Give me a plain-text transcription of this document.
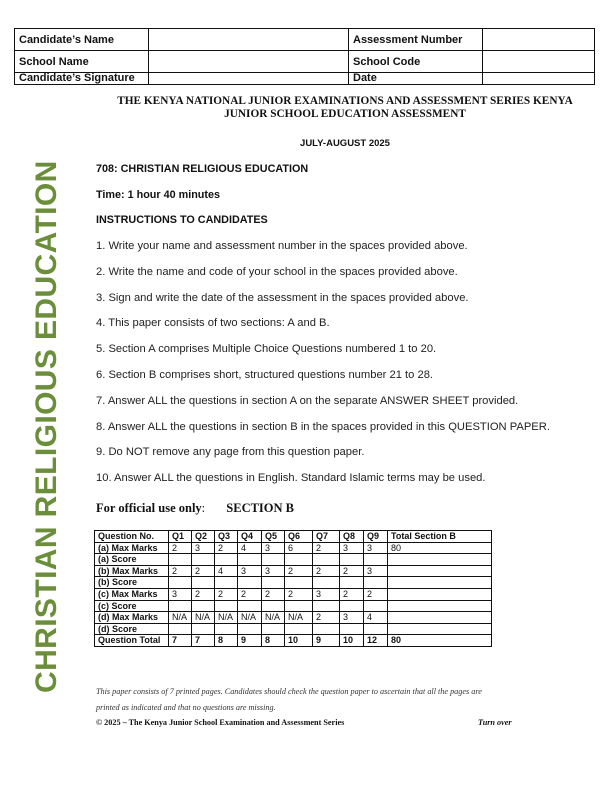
CHRISTIAN RELIGIOUS EDUCATION
Candidate’s Name		Assessment Number	
School Name		School Code	
Candidate’s Signature		Date	
THE KENYA NATIONAL JUNIOR EXAMINATIONS AND ASSESSMENT SERIES KENYA
JUNIOR SCHOOL EDUCATION ASSESSMENT
JULY-AUGUST 2025
708: CHRISTIAN RELIGIOUS EDUCATION
Time: 1 hour 40 minutes
INSTRUCTIONS TO CANDIDATES
1. Write your name and assessment number in the spaces provided above.
2. Write the name and code of your school in the spaces provided above.
3. Sign and write the date of the assessment in the spaces provided above.
4. This paper consists of two sections: A and B.
5. Section A comprises Multiple Choice Questions numbered 1 to 20.
6. Section B comprises short, structured questions number 21 to 28.
7. Answer ALL the questions in section A on the separate ANSWER SHEET provided.
8. Answer ALL the questions in section B in the spaces provided in this QUESTION PAPER.
9. Do NOT remove any page from this question paper.
10. Answer ALL the questions in English. Standard Islamic terms may be used.
For official use only: SECTION B
Question No.	Q1	Q2	Q3	Q4	Q5	Q6	Q7	Q8	Q9	Total Section B
(a) Max Marks	2	3	2	4	3	6	2	3	3	80
(a) Score										
(b) Max Marks	2	2	4	3	3	2	2	2	3	
(b) Score										
(c) Max Marks	3	2	2	2	2	2	3	2	2	
(c) Score										
(d) Max Marks	N/A	N/A	N/A	N/A	N/A	N/A	2	3	4	
(d) Score										
Question Total	7	7	8	9	8	10	9	10	12	80
This paper consists of 7 printed pages. Candidates should check the question paper to ascertain that all the pages are
printed as indicated and that no questions are missing.
© 2025 – The Kenya Junior School Examination and Assessment Series	Turn over
